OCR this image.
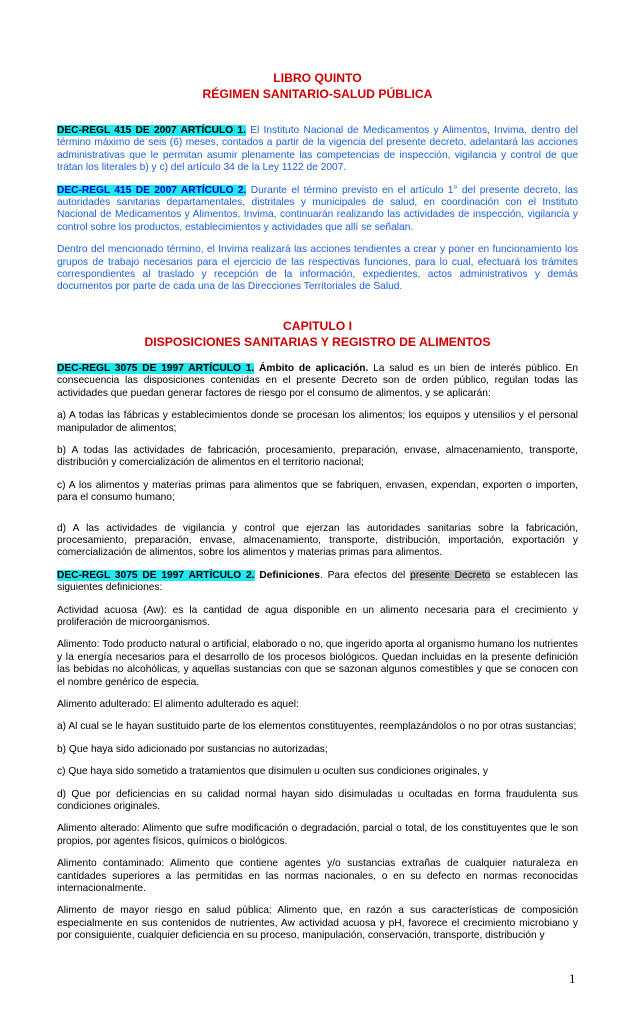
LIBRO QUINTO
RÉGIMEN SANITARIO-SALUD PÚBLICA

DEC-REGL 415 DE 2007 ARTÍCULO 1. El Instituto Nacional de Medicamentos y Alimentos, Invima, dentro del término máximo de seis (6) meses, contados a partir de la vigencia del presente decreto, adelantará las acciones administrativas que le permitan asumir plenamente las competencias de inspección, vigilancia y control de que tratan los literales b) y c) del artículo 34 de la Ley 1122 de 2007.

DEC-REGL 415 DE 2007 ARTÍCULO 2. Durante el término previsto en el artículo 1° del presente decreto, las autoridades sanitarias departamentales, distritales y municipales de salud, en coordinación con el Instituto Nacional de Medicamentos y Alimentos, Invima, continuarán realizando las actividades de inspección, vigilancia y control sobre los productos, establecimientos y actividades que allí se señalan.

Dentro del mencionado término, el Invima realizará las acciones tendientes a crear y poner en funcionamiento los grupos de trabajo necesarios para el ejercicio de las respectivas funciones, para lo cual, efectuará los trámites correspondientes al traslado y recepción de la información, expedientes, actos administrativos y demás documentos por parte de cada una de las Direcciones Territoriales de Salud.

CAPITULO I
DISPOSICIONES SANITARIAS Y REGISTRO DE ALIMENTOS

DEC-REGL 3075 DE 1997 ARTÍCULO 1. Ámbito de aplicación. La salud es un bien de interés público. En consecuencia las disposiciones contenidas en el presente Decreto son de orden público, regulan todas las actividades que puedan generar factores de riesgo por el consumo de alimentos, y se aplicarán:

a) A todas las fábricas y establecimientos donde se procesan los alimentos; los equipos y utensilios y el personal manipulador de alimentos;

b) A todas las actividades de fabricación, procesamiento, preparación, envase, almacenamiento, transporte, distribución y comercialización de alimentos en el territorio nacional;

c) A los alimentos y materias primas para alimentos que se fabriquen, envasen, expendan, exporten o importen, para el consumo humano;

d) A las actividades de vigilancia y control que ejerzan las autoridades sanitarias sobre la fabricación, procesamiento, preparación, envase, almacenamiento, transporte, distribución, importación, exportación y comercialización de alimentos, sobre los alimentos y materias primas para alimentos.

DEC-REGL 3075 DE 1997 ARTÍCULO 2. Definiciones. Para efectos del presente Decreto se establecen las siguientes definiciones:

Actividad acuosa (Aw): es la cantidad de agua disponible en un alimento necesaria para el crecimiento y proliferación de microorganismos.

Alimento: Todo producto natural o artificial, elaborado o no, que ingerido aporta al organismo humano los nutrientes y la energía necesarios para el desarrollo de los procesos biológicos. Quedan incluidas en la presente definición las bebidas no alcohólicas, y aquellas sustancias con que se sazonan algunos comestibles y que se conocen con el nombre genérico de especia.

Alimento adulterado: El alimento adulterado es aquel:

a) Al cual se le hayan sustituido parte de los elementos constituyentes, reemplazándolos o no por otras sustancias;

b) Que haya sido adicionado por sustancias no autorizadas;

c) Que haya sido sometido a tratamientos que disimulen u oculten sus condiciones originales, y

d) Que por deficiencias en su calidad normal hayan sido disimuladas u ocultadas en forma fraudulenta sus condiciones originales.

Alimento alterado: Alimento que sufre modificación o degradación, parcial o total, de los constituyentes que le son propios, por agentes físicos, químicos o biológicos.

Alimento contaminado: Alimento que contiene agentes y/o sustancias extrañas de cualquier naturaleza en cantidades superiores a las permitidas en las normas nacionales, o en su defecto en normas reconocidas internacionalmente.

Alimento de mayor riesgo en salud pública: Alimento que, en razón a sus características de composición especialmente en sus contenidos de nutrientes, Aw actividad acuosa y pH, favorece el crecimiento microbiano y por consiguiente, cualquier deficiencia en su proceso, manipulación, conservación, transporte, distribución y

1
